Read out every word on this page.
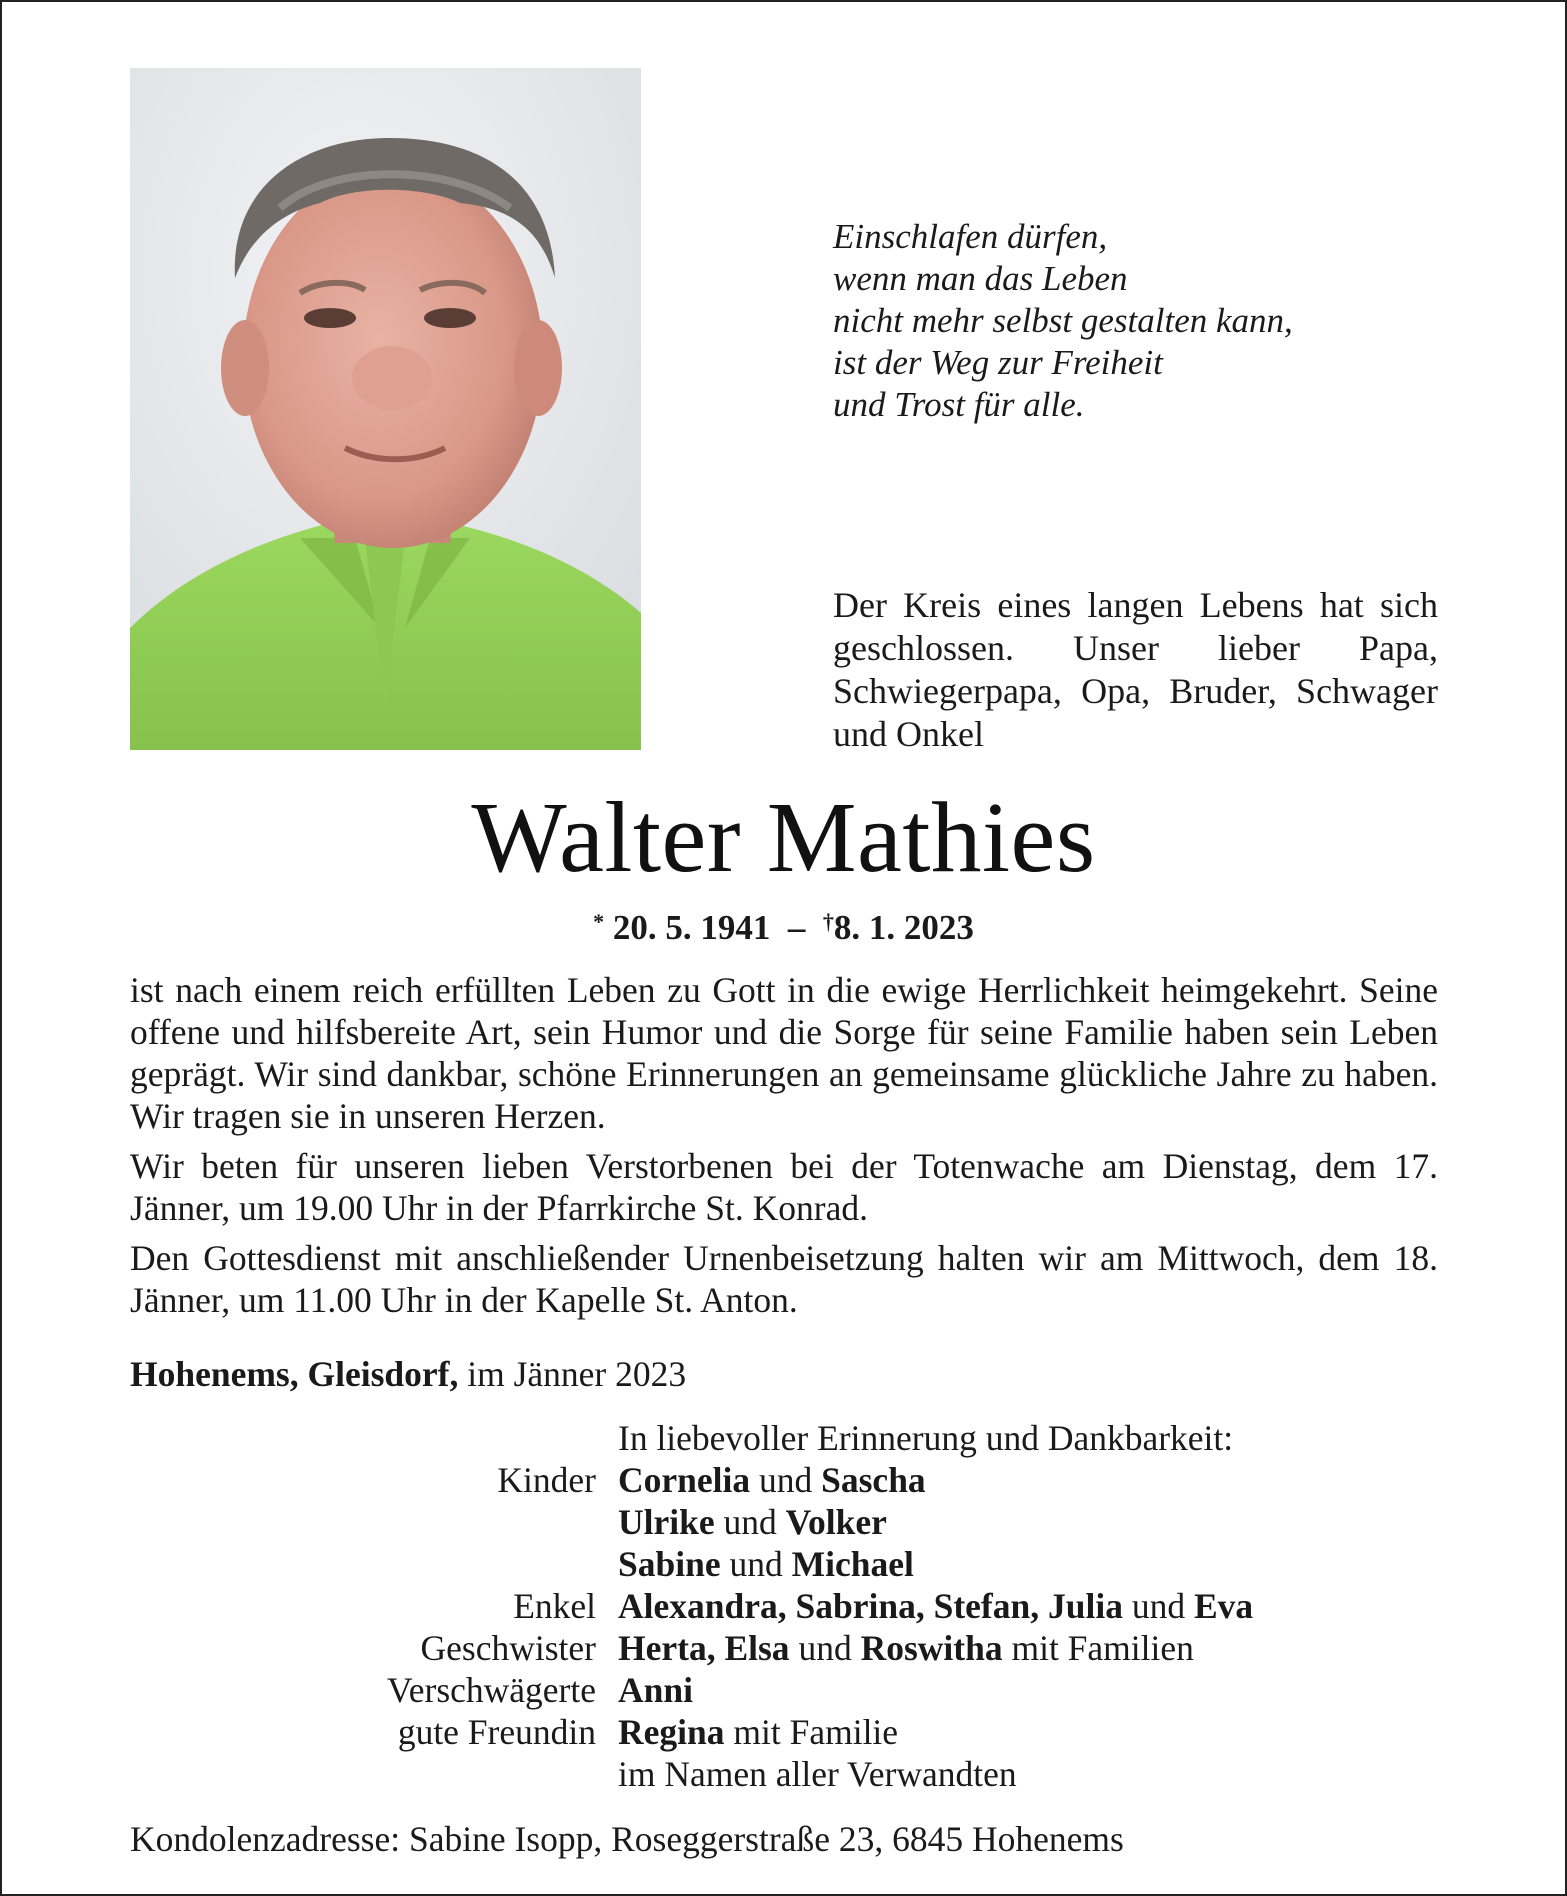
Einschlafen dürfen,
wenn man das Leben
nicht mehr selbst gestalten kann,
ist der Weg zur Freiheit
und Trost für alle.
Der Kreis eines langen Lebens hat sich geschlossen. Unser lieber Papa, Schwiegerpapa, Opa, Bruder, Schwager und Onkel
Walter Mathies
* 20. 5. 1941 – †8. 1. 2023
ist nach einem reich erfüllten Leben zu Gott in die ewige Herrlichkeit heimgekehrt. Seine offene und hilfsbereite Art, sein Humor und die Sorge für seine Familie haben sein Leben geprägt. Wir sind dankbar, schöne Erinnerungen an gemeinsame glückliche Jahre zu haben. Wir tragen sie in unseren Herzen.
Wir beten für unseren lieben Verstorbenen bei der Totenwache am Dienstag, dem 17. Jänner, um 19.00 Uhr in der Pfarrkirche St. Konrad.
Den Gottesdienst mit anschließender Urnenbeisetzung halten wir am Mittwoch, dem 18. Jänner, um 11.00 Uhr in der Kapelle St. Anton.
Hohenems, Gleisdorf, im Jänner 2023
In liebevoller Erinnerung und Dankbarkeit:
Kinder Cornelia und Sascha
Ulrike und Volker
Sabine und Michael
Enkel Alexandra, Sabrina, Stefan, Julia und Eva
Geschwister Herta, Elsa und Roswitha mit Familien
Verschwägerte Anni
gute Freundin Regina mit Familie
im Namen aller Verwandten
Kondolenzadresse: Sabine Isopp, Roseggerstraße 23, 6845 Hohenems
